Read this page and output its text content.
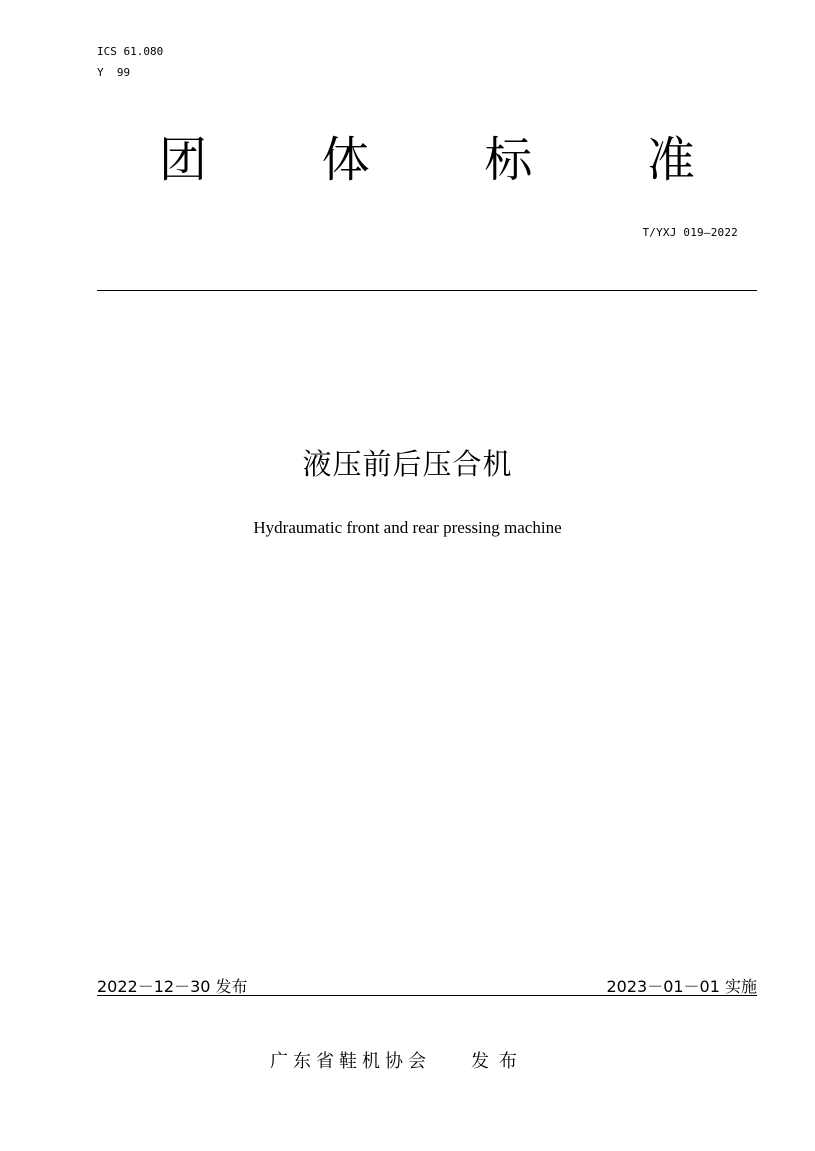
ICS 61.080
Y  99
团 体 标 准
T/YXJ 019—2022
液压前后压合机
Hydraumatic front and rear pressing machine
2022－12－30 发布	2023－01－01 实施
广东省鞋机协会 发布
